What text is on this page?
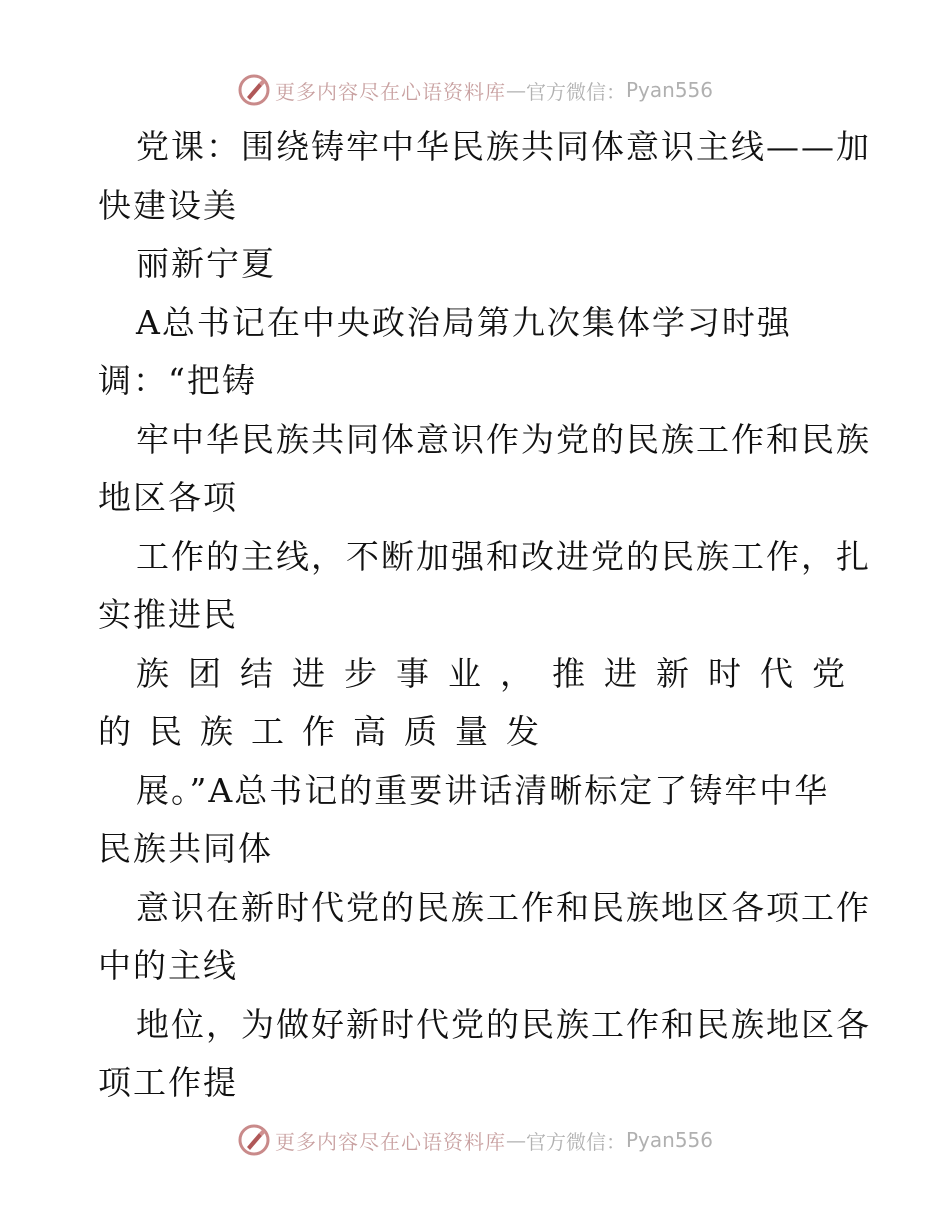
更多内容尽在心语资料库 — 官方微信： Pyan556
党课：围绕铸牢中华民族共同体意识主线——加
快建设美
丽新宁夏
A总书记在中央政治局第九次集体学习时强
调：“把铸
牢中华民族共同体意识作为党的民族工作和民族
地区各项
工作的主线，不断加强和改进党的民族工作，扎
实推进民
族团结进步事业，推进新时代党
的民族工作高质量发
展。”A总书记的重要讲话清晰标定了铸牢中华
民族共同体
意识在新时代党的民族工作和民族地区各项工作
中的主线
地位，为做好新时代党的民族工作和民族地区各
项工作提
更多内容尽在心语资料库 — 官方微信： Pyan556
